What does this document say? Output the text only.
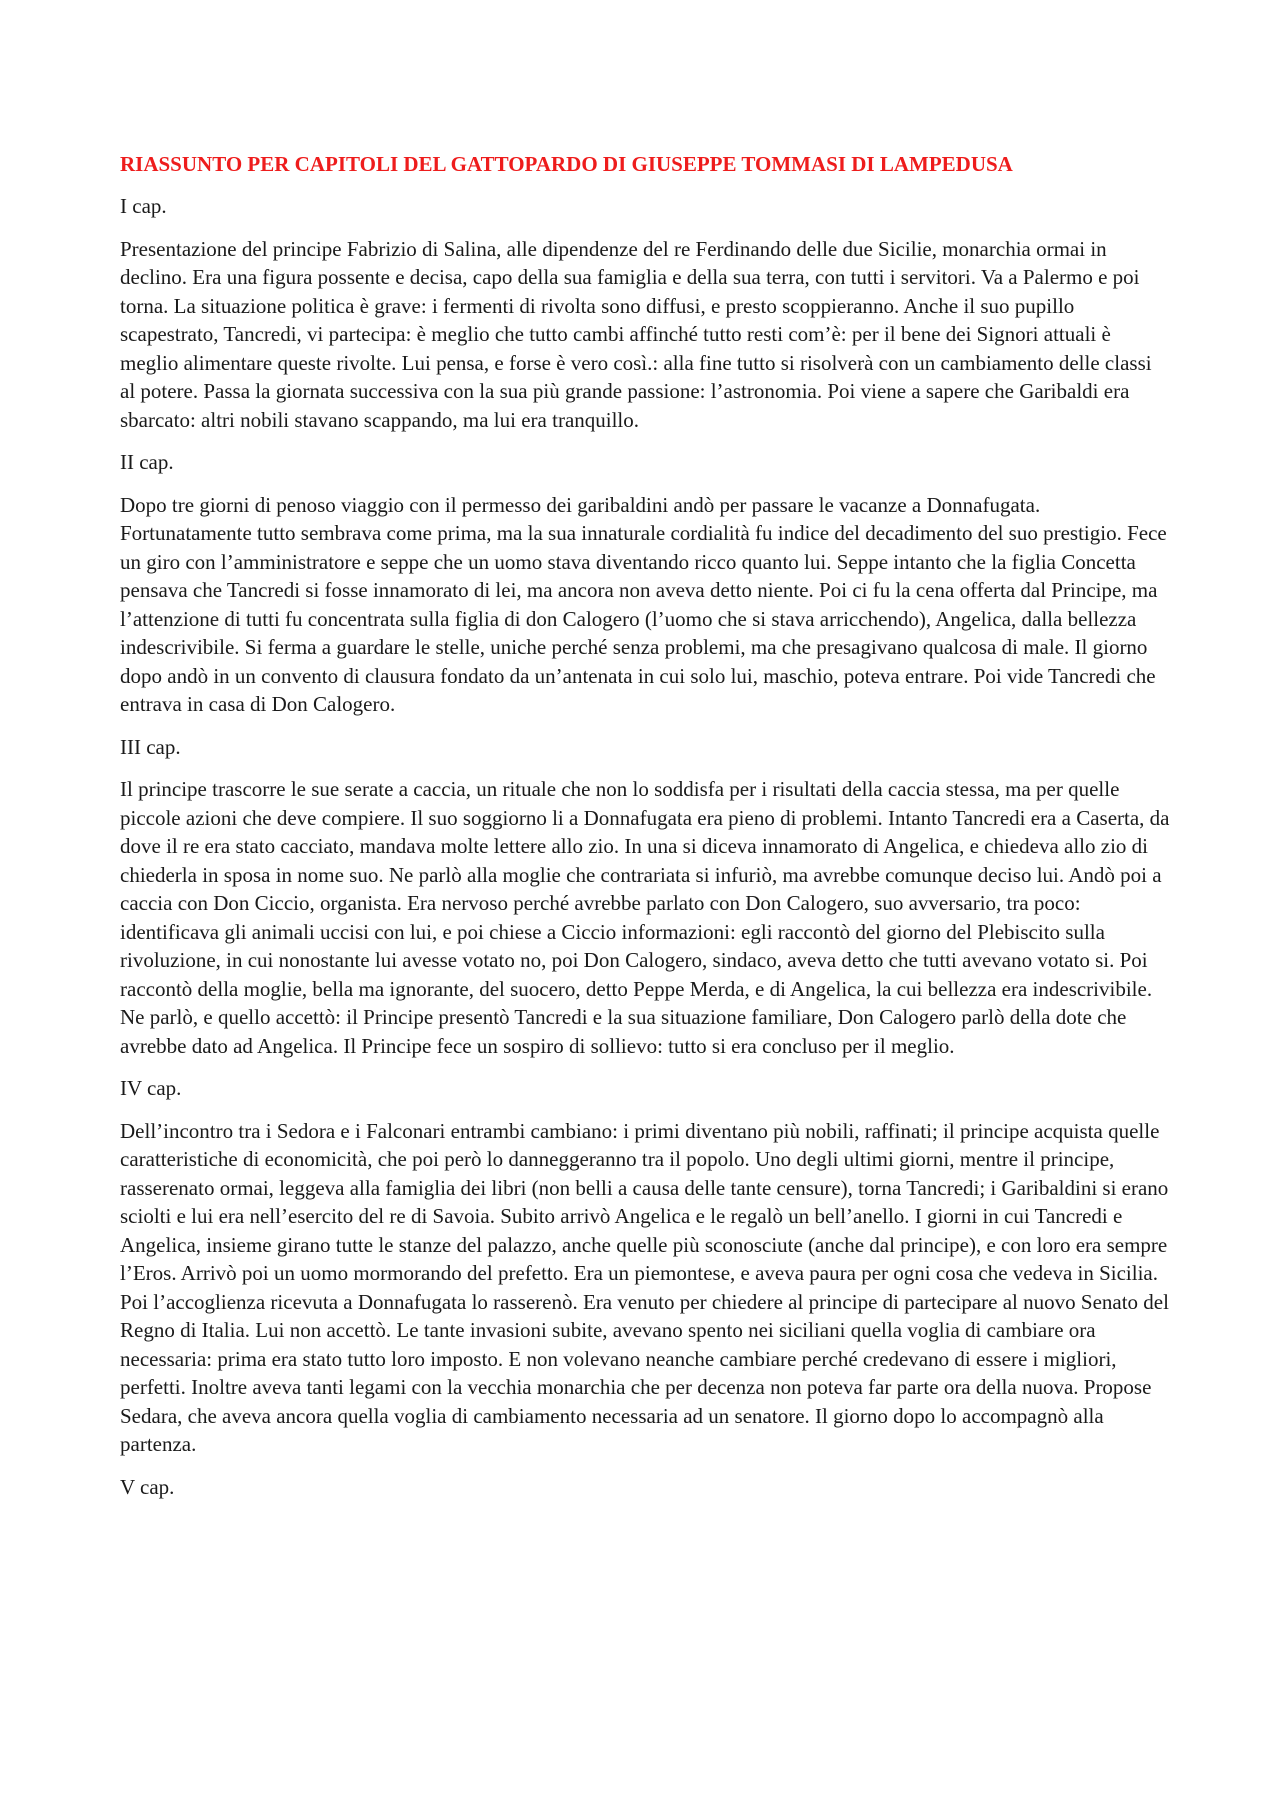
RIASSUNTO PER CAPITOLI DEL GATTOPARDO DI GIUSEPPE TOMMASI DI LAMPEDUSA
I cap.
Presentazione del principe Fabrizio di Salina, alle dipendenze del re Ferdinando delle due Sicilie, monarchia ormai in declino. Era una figura possente e decisa, capo della sua famiglia e della sua terra, con tutti i servitori. Va a Palermo e poi torna. La situazione politica è grave: i fermenti di rivolta sono diffusi, e presto scoppieranno. Anche il suo pupillo scapestrato, Tancredi, vi partecipa: è meglio che tutto cambi affinché tutto resti com’è: per il bene dei Signori attuali è meglio alimentare queste rivolte. Lui pensa, e forse è vero così.: alla fine tutto si risolverà con un cambiamento delle classi al potere. Passa la giornata successiva con la sua più grande passione: l’astronomia. Poi viene a sapere che Garibaldi era sbarcato: altri nobili stavano scappando, ma lui era tranquillo.
II cap.
Dopo tre giorni di penoso viaggio con il permesso dei garibaldini andò per passare le vacanze a Donnafugata. Fortunatamente tutto sembrava come prima, ma la sua innaturale cordialità fu indice del decadimento del suo prestigio. Fece un giro con l’amministratore e seppe che un uomo stava diventando ricco quanto lui. Seppe intanto che la figlia Concetta pensava che Tancredi si fosse innamorato di lei, ma ancora non aveva detto niente. Poi ci fu la cena offerta dal Principe, ma l’attenzione di tutti fu concentrata sulla figlia di don Calogero (l’uomo che si stava arricchendo), Angelica, dalla bellezza indescrivibile. Si ferma a guardare le stelle, uniche perché senza problemi, ma che presagivano qualcosa di male. Il giorno dopo andò in un convento di clausura fondato da un’antenata in cui solo lui, maschio, poteva entrare. Poi vide Tancredi che entrava in casa di Don Calogero.
III cap.
Il principe trascorre le sue serate a caccia, un rituale che non lo soddisfa per i risultati della caccia stessa, ma per quelle piccole azioni che deve compiere. Il suo soggiorno li a Donnafugata era pieno di problemi. Intanto Tancredi era a Caserta, da dove il re era stato cacciato, mandava molte lettere allo zio. In una si diceva innamorato di Angelica, e chiedeva allo zio di chiederla in sposa in nome suo. Ne parlò alla moglie che contrariata si infuriò, ma avrebbe comunque deciso lui. Andò poi a caccia con Don Ciccio, organista. Era nervoso perché avrebbe parlato con Don Calogero, suo avversario, tra poco: identificava gli animali uccisi con lui, e poi chiese a Ciccio informazioni: egli raccontò del giorno del Plebiscito sulla rivoluzione, in cui nonostante lui avesse votato no, poi Don Calogero, sindaco, aveva detto che tutti avevano votato si. Poi raccontò della moglie, bella ma ignorante, del suocero, detto Peppe Merda, e di Angelica, la cui bellezza era indescrivibile. Ne parlò, e quello accettò: il Principe presentò Tancredi e la sua situazione familiare, Don Calogero parlò della dote che avrebbe dato ad Angelica. Il Principe fece un sospiro di sollievo: tutto si era concluso per il meglio.
IV cap.
Dell’incontro tra i Sedora e i Falconari entrambi cambiano: i primi diventano più nobili, raffinati; il principe acquista quelle caratteristiche di economicità, che poi però lo danneggeranno tra il popolo. Uno degli ultimi giorni, mentre il principe, rasserenato ormai, leggeva alla famiglia dei libri (non belli a causa delle tante censure), torna Tancredi; i Garibaldini si erano sciolti e lui era nell’esercito del re di Savoia. Subito arrivò Angelica e le regalò un bell’anello. I giorni in cui Tancredi e Angelica, insieme girano tutte le stanze del palazzo, anche quelle più sconosciute (anche dal principe), e con loro era sempre l’Eros. Arrivò poi un uomo mormorando del prefetto. Era un piemontese, e aveva paura per ogni cosa che vedeva in Sicilia. Poi l’accoglienza ricevuta a Donnafugata lo rasserenò. Era venuto per chiedere al principe di partecipare al nuovo Senato del Regno di Italia. Lui non accettò. Le tante invasioni subite, avevano spento nei siciliani quella voglia di cambiare ora necessaria: prima era stato tutto loro imposto. E non volevano neanche cambiare perché credevano di essere i migliori, perfetti. Inoltre aveva tanti legami con la vecchia monarchia che per decenza non poteva far parte ora della nuova. Propose Sedara, che aveva ancora quella voglia di cambiamento necessaria ad un senatore. Il giorno dopo lo accompagnò alla partenza.
V cap.
